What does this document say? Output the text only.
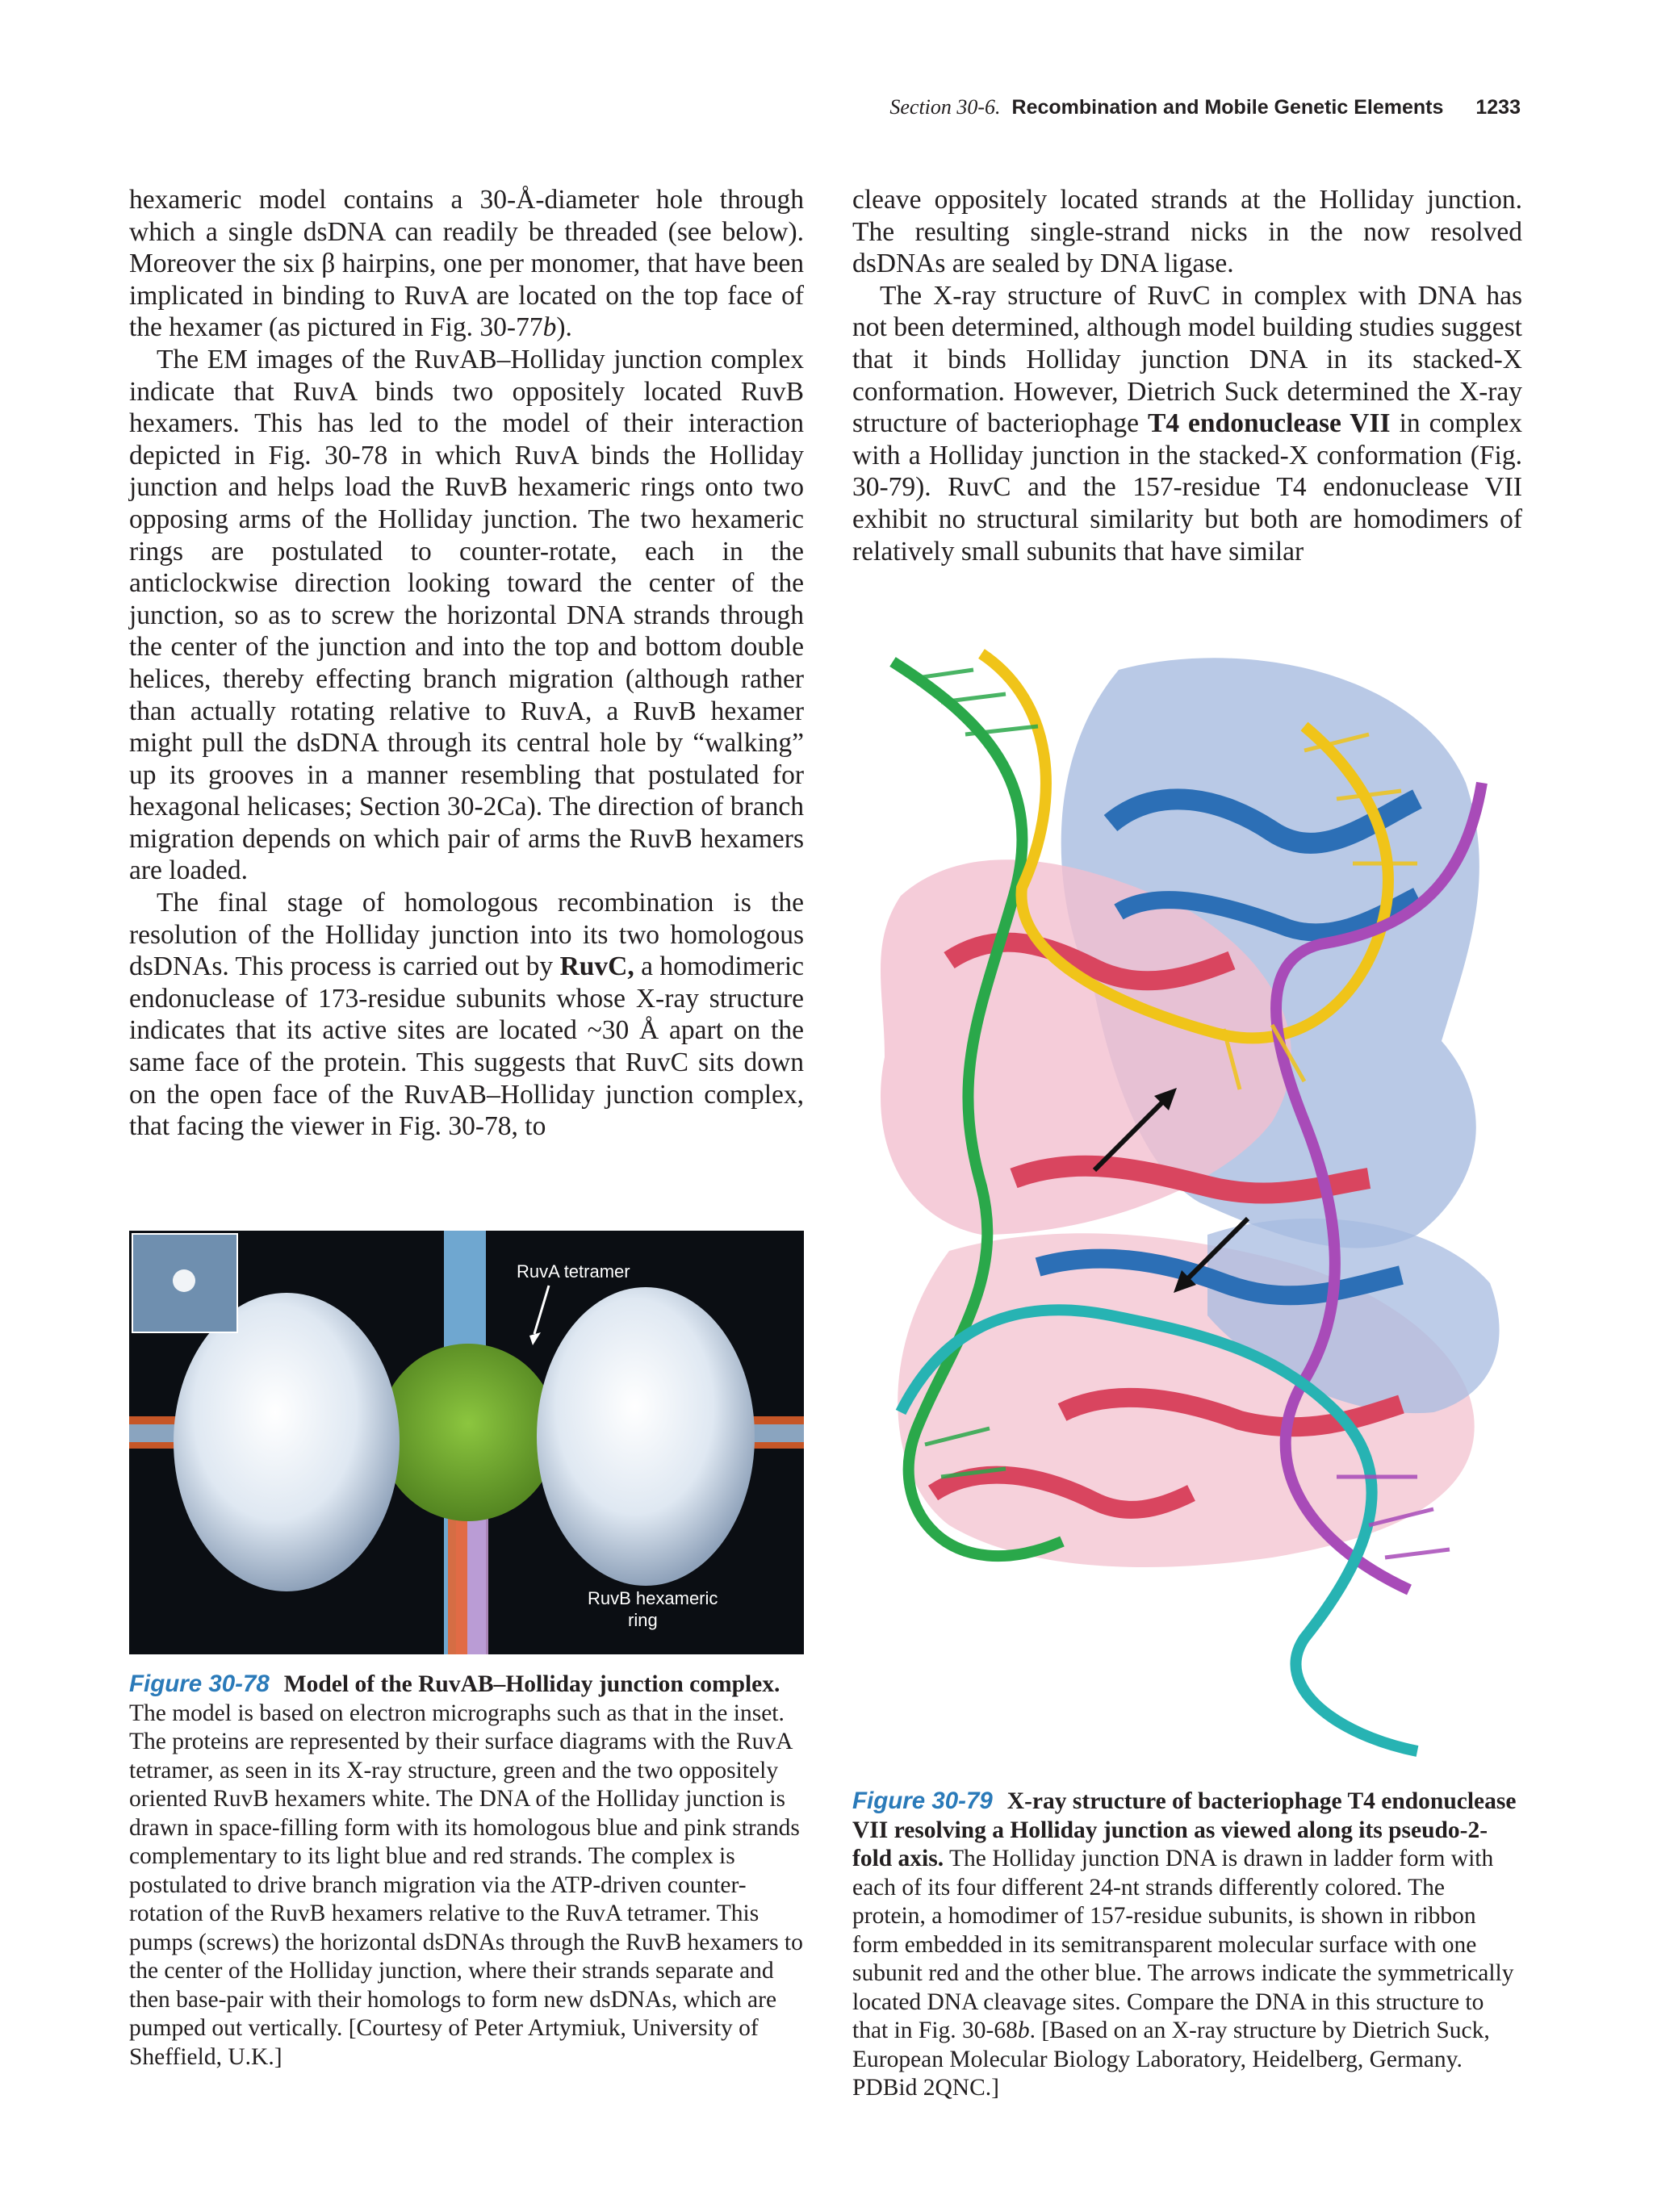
Section 30-6. Recombination and Mobile Genetic Elements 1233

hexameric model contains a 30-Å-diameter hole through which a single dsDNA can readily be threaded (see below). Moreover the six β hairpins, one per monomer, that have been implicated in binding to RuvA are located on the top face of the hexamer (as pictured in Fig. 30-77b).

The EM images of the RuvAB–Holliday junction complex indicate that RuvA binds two oppositely located RuvB hexamers. This has led to the model of their interaction depicted in Fig. 30-78 in which RuvA binds the Holliday junction and helps load the RuvB hexameric rings onto two opposing arms of the Holliday junction. The two hexameric rings are postulated to counter-rotate, each in the anticlockwise direction looking toward the center of the junction, so as to screw the horizontal DNA strands through the center of the junction and into the top and bottom double helices, thereby effecting branch migration (although rather than actually rotating relative to RuvA, a RuvB hexamer might pull the dsDNA through its central hole by “walking” up its grooves in a manner resembling that postulated for hexagonal helicases; Section 30-2Ca). The direction of branch migration depends on which pair of arms the RuvB hexamers are loaded.

The final stage of homologous recombination is the resolution of the Holliday junction into its two homologous dsDNAs. This process is carried out by RuvC, a homodimeric endonuclease of 173-residue subunits whose X-ray structure indicates that its active sites are located ~30 Å apart on the same face of the protein. This suggests that RuvC sits down on the open face of the RuvAB–Holliday junction complex, that facing the viewer in Fig. 30-78, to

cleave oppositely located strands at the Holliday junction. The resulting single-strand nicks in the now resolved dsDNAs are sealed by DNA ligase.

The X-ray structure of RuvC in complex with DNA has not been determined, although model building studies suggest that it binds Holliday junction DNA in its stacked-X conformation. However, Dietrich Suck determined the X-ray structure of bacteriophage T4 endonuclease VII in complex with a Holliday junction in the stacked-X conformation (Fig. 30-79). RuvC and the 157-residue T4 endonuclease VII exhibit no structural similarity but both are homodimers of relatively small subunits that have similar

RuvA tetramer
RuvB hexameric
ring
Figure 30-78 Model of the RuvAB–Holliday junction complex. The model is based on electron micrographs such as that in the inset. The proteins are represented by their surface diagrams with the RuvA tetramer, as seen in its X-ray structure, green and the two oppositely oriented RuvB hexamers white. The DNA of the Holliday junction is drawn in space-filling form with its homologous blue and pink strands complementary to its light blue and red strands. The complex is postulated to drive branch migration via the ATP-driven counter-rotation of the RuvB hexamers relative to the RuvA tetramer. This pumps (screws) the horizontal dsDNAs through the RuvB hexamers to the center of the Holliday junction, where their strands separate and then base-pair with their homologs to form new dsDNAs, which are pumped out vertically. [Courtesy of Peter Artymiuk, University of Sheffield, U.K.]
Figure 30-79 X-ray structure of bacteriophage T4 endonuclease VII resolving a Holliday junction as viewed along its pseudo-2-fold axis. The Holliday junction DNA is drawn in ladder form with each of its four different 24-nt strands differently colored. The protein, a homodimer of 157-residue subunits, is shown in ribbon form embedded in its semitransparent molecular surface with one subunit red and the other blue. The arrows indicate the symmetrically located DNA cleavage sites. Compare the DNA in this structure to that in Fig. 30-68b. [Based on an X-ray structure by Dietrich Suck, European Molecular Biology Laboratory, Heidelberg, Germany. PDBid 2QNC.]
